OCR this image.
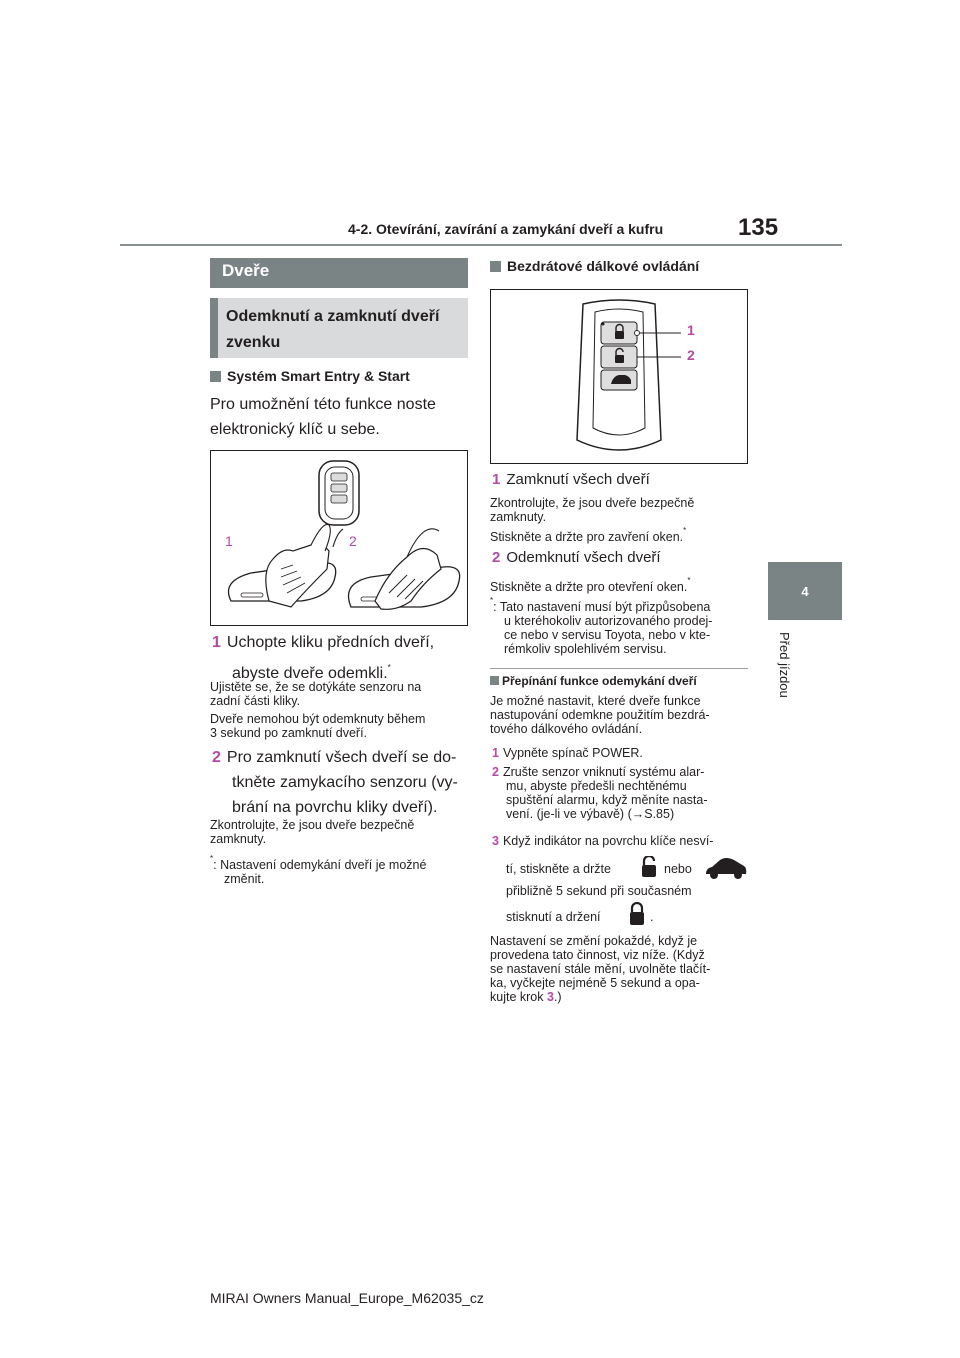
4-2. Otevírání, zavírání a zamykání dveří a kufru	135
4
Před jízdou
Dveře
Odemknutí a zamknutí dveří
zvenku
Systém Smart Entry & Start
Pro umožnění této funkce noste
elektronický klíč u sebe.
1	2
1 Uchopte kliku předních dveří,
abyste dveře odemkli.*
Ujistěte se, že se dotýkáte senzoru na
zadní části kliky.
Dveře nemohou být odemknuty během
3 sekund po zamknutí dveří.
2 Pro zamknutí všech dveří se do-
tkněte zamykacího senzoru (vy-
brání na povrchu kliky dveří).
Zkontrolujte, že jsou dveře bezpečně
zamknuty.
*: Nastavení odemykání dveří je možné
změnit.
Bezdrátové dálkové ovládání
1
2
1 Zamknutí všech dveří
Zkontrolujte, že jsou dveře bezpečně
zamknuty.
Stiskněte a držte pro zavření oken.*
2 Odemknutí všech dveří
Stiskněte a držte pro otevření oken.*
*: Tato nastavení musí být přizpůsobena
u kteréhokoliv autorizovaného prodej-
ce nebo v servisu Toyota, nebo v kte-
rémkoliv spolehlivém servisu.
Přepínání funkce odemykání dveří
Je možné nastavit, které dveře funkce
nastupování odemkne použitím bezdrá-
tového dálkového ovládání.
1 Vypněte spínač POWER.
2 Zrušte senzor vniknutí systému alar-
mu, abyste předešli nechtěnému
spuštění alarmu, když měníte nasta-
vení. (je-li ve výbavě) (→S.85)
3 Když indikátor na povrchu klíče nesví-
tí, stiskněte a držte	nebo
přibližně 5 sekund při současném
stisknutí a držení	.
Nastavení se změní pokaždé, když je
provedena tato činnost, viz níže. (Když
se nastavení stále mění, uvolněte tlačít-
ka, vyčkejte nejméně 5 sekund a opa-
kujte krok 3.)
MIRAI Owners Manual_Europe_M62035_cz
